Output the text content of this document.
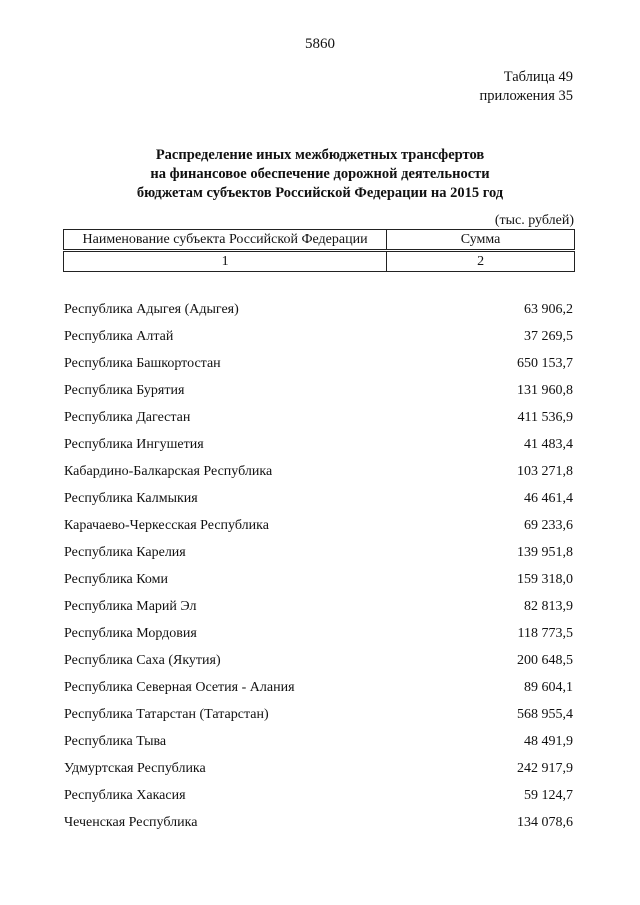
5860
Таблица 49
приложения 35
Распределение иных межбюджетных трансфертов
на финансовое обеспечение дорожной деятельности
бюджетам субъектов Российской Федерации на 2015 год
(тыс. рублей)
Наименование субъекта Российской Федерации	Сумма
1	2
Республика Адыгея (Адыгея)	63 906,2
Республика Алтай	37 269,5
Республика Башкортостан	650 153,7
Республика Бурятия	131 960,8
Республика Дагестан	411 536,9
Республика Ингушетия	41 483,4
Кабардино-Балкарская Республика	103 271,8
Республика Калмыкия	46 461,4
Карачаево-Черкесская Республика	69 233,6
Республика Карелия	139 951,8
Республика Коми	159 318,0
Республика Марий Эл	82 813,9
Республика Мордовия	118 773,5
Республика Саха (Якутия)	200 648,5
Республика Северная Осетия - Алания	89 604,1
Республика Татарстан (Татарстан)	568 955,4
Республика Тыва	48 491,9
Удмуртская Республика	242 917,9
Республика Хакасия	59 124,7
Чеченская Республика	134 078,6
